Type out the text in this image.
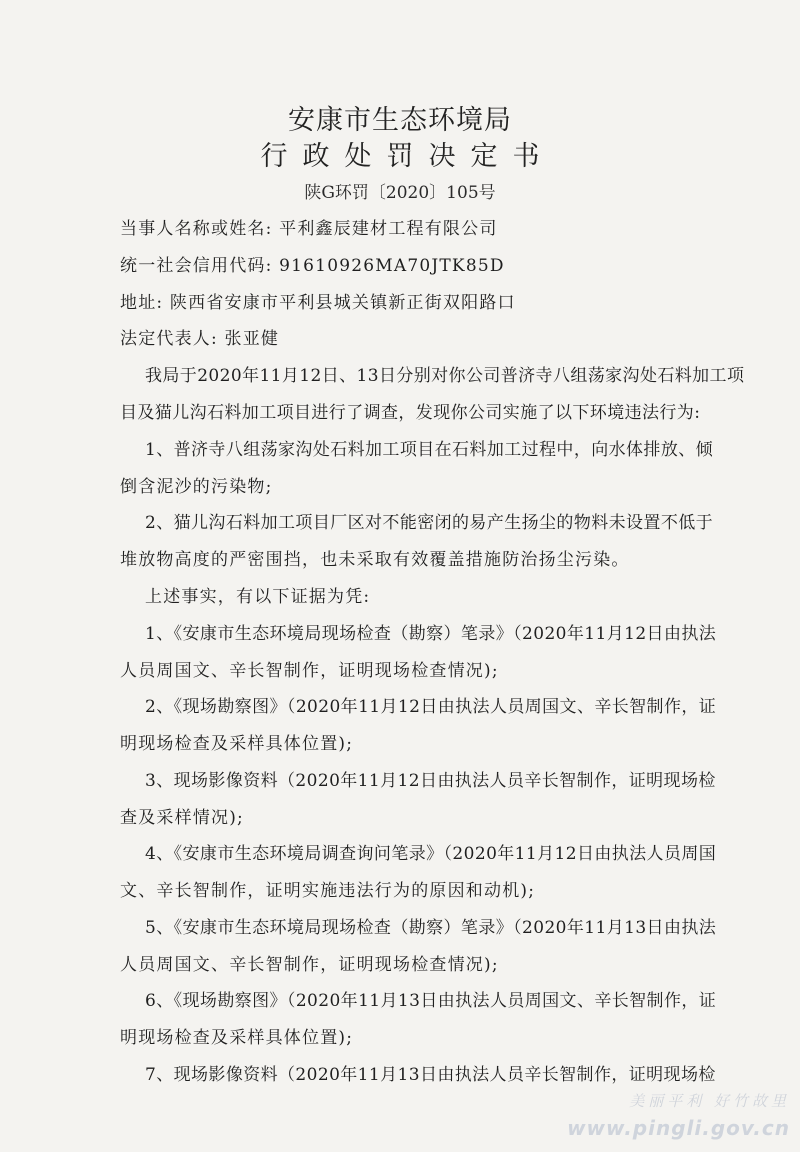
安康市生态环境局
行政处罚决定书
陕G环罚〔2020〕105号
当事人名称或姓名: 平利鑫辰建材工程有限公司
统一社会信用代码: 91610926MA70JTK85D
地址: 陕西省安康市平利县城关镇新正街双阳路口
法定代表人: 张亚健
我局于2020年11月12日、13日分别对你公司普济寺八组荡家沟处石料加工项
目及猫儿沟石料加工项目进行了调查，发现你公司实施了以下环境违法行为:
1、普济寺八组荡家沟处石料加工项目在石料加工过程中，向水体排放、倾
倒含泥沙的污染物;
2、猫儿沟石料加工项目厂区对不能密闭的易产生扬尘的物料未设置不低于
堆放物高度的严密围挡，也未采取有效覆盖措施防治扬尘污染。
上述事实，有以下证据为凭:
1、《安康市生态环境局现场检查（勘察）笔录》（2020年11月12日由执法
人员周国文、辛长智制作，证明现场检查情况);
2、《现场勘察图》（2020年11月12日由执法人员周国文、辛长智制作，证
明现场检查及采样具体位置);
3、现场影像资料（2020年11月12日由执法人员辛长智制作，证明现场检
查及采样情况);
4、《安康市生态环境局调查询问笔录》（2020年11月12日由执法人员周国
文、辛长智制作，证明实施违法行为的原因和动机);
5、《安康市生态环境局现场检查（勘察）笔录》（2020年11月13日由执法
人员周国文、辛长智制作，证明现场检查情况);
6、《现场勘察图》（2020年11月13日由执法人员周国文、辛长智制作，证
明现场检查及采样具体位置);
7、现场影像资料（2020年11月13日由执法人员辛长智制作，证明现场检
美丽平利 好竹故里
www.pingli.gov.cn
